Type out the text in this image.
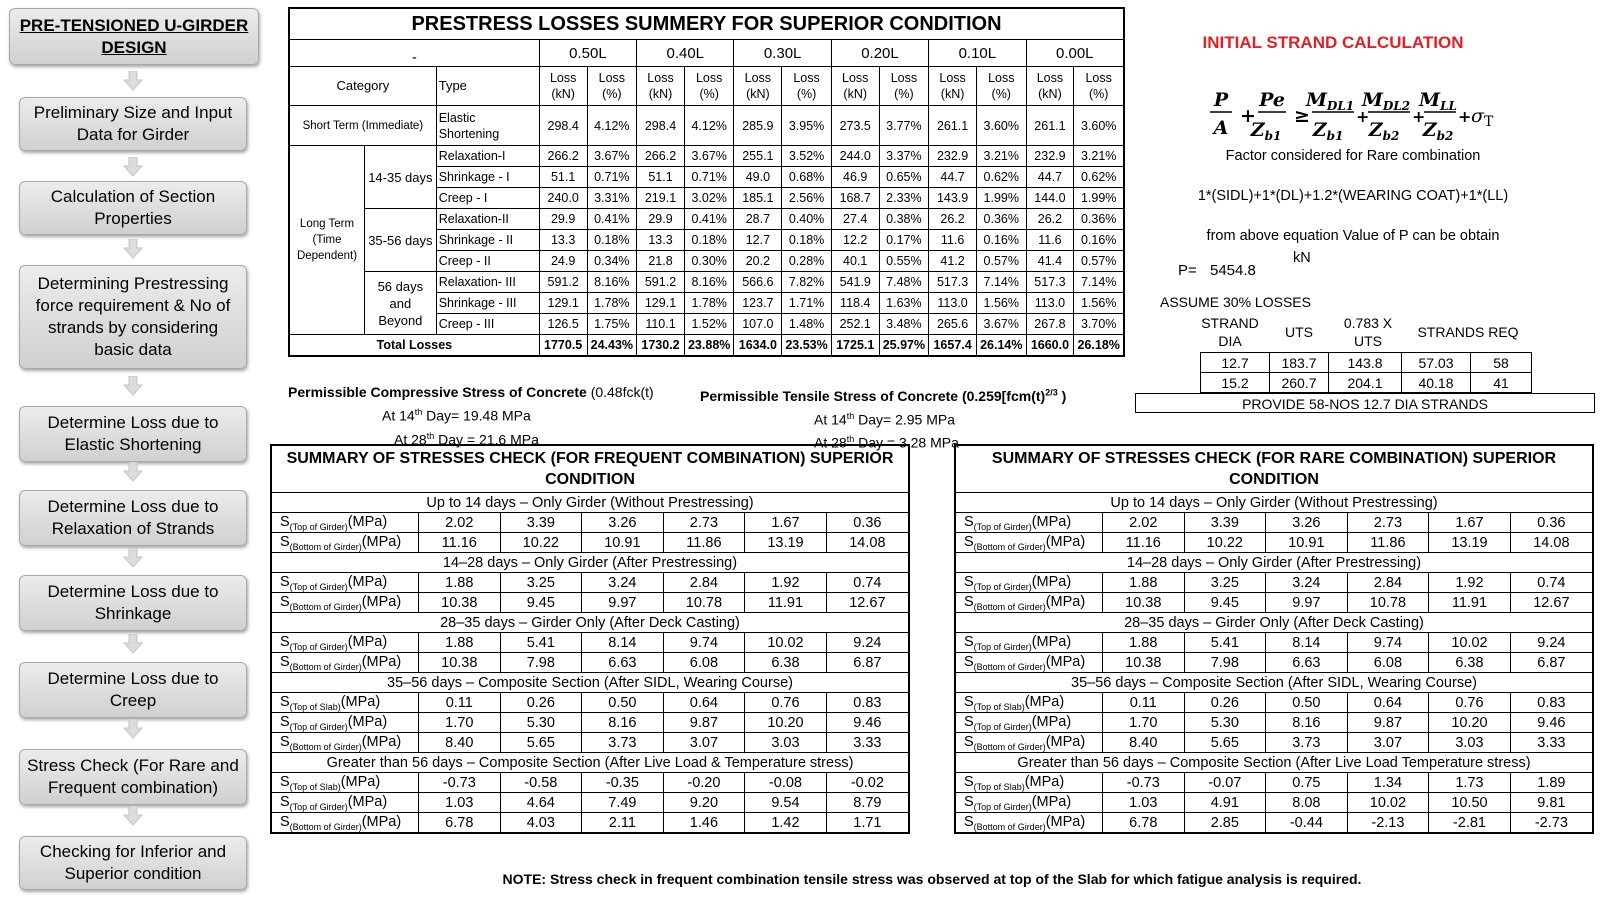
PRE-TENSIONED U-GIRDER DESIGN
Preliminary Size and Input Data for Girder
Calculation of Section Properties
Determining Prestressing force requirement & No of strands by considering basic data
Determine Loss due to Elastic Shortening
Determine Loss due to Relaxation of Strands
Determine Loss due to Shrinkage
Determine Loss due to Creep
Stress Check (For Rare and Frequent combination)
Checking for Inferior and Superior condition
PRESTRESS LOSSES SUMMERY FOR SUPERIOR CONDITION														
-			0.50L		0.40L		0.30L		0.20L		0.10L		0.00L	
Category		Type	Loss (kN)	Loss (%)	Loss (kN)	Loss (%)	Loss (kN)	Loss (%)	Loss (kN)	Loss (%)	Loss (kN)	Loss (%)	Loss (kN)	Loss (%)
Short Term (Immediate)		Elastic Shortening	298.4	4.12%	298.4	4.12%	285.9	3.95%	273.5	3.77%	261.1	3.60%	261.1	3.60%
Long Term (Time Dependent)	14-35 days	Relaxation-I	266.2	3.67%	266.2	3.67%	255.1	3.52%	244.0	3.37%	232.9	3.21%	232.9	3.21%
		Shrinkage - I	51.1	0.71%	51.1	0.71%	49.0	0.68%	46.9	0.65%	44.7	0.62%	44.7	0.62%
		Creep - I	240.0	3.31%	219.1	3.02%	185.1	2.56%	168.7	2.33%	143.9	1.99%	144.0	1.99%
	35-56 days	Relaxation-II	29.9	0.41%	29.9	0.41%	28.7	0.40%	27.4	0.38%	26.2	0.36%	26.2	0.36%
		Shrinkage - II	13.3	0.18%	13.3	0.18%	12.7	0.18%	12.2	0.17%	11.6	0.16%	11.6	0.16%
		Creep - II	24.9	0.34%	21.8	0.30%	20.2	0.28%	40.1	0.55%	41.2	0.57%	41.4	0.57%
	56 days and Beyond	Relaxation- III	591.2	8.16%	591.2	8.16%	566.6	7.82%	541.9	7.48%	517.3	7.14%	517.3	7.14%
		Shrinkage - III	129.1	1.78%	129.1	1.78%	123.7	1.71%	118.4	1.63%	113.0	1.56%	113.0	1.56%
		Creep - III	126.5	1.75%	110.1	1.52%	107.0	1.48%	252.1	3.48%	265.6	3.67%	267.8	3.70%
Total Losses			1770.5	24.43%	1730.2	23.88%	1634.0	23.53%	1725.1	25.97%	1657.4	26.14%	1660.0	26.18%
INITIAL STRAND CALCULATION
P
A
+
Pe
$Z_{b1}$
≥
$M_{DL1}$
$Z_{b1}$
+
$M_{DL2}$
$Z_{b2}$
+
$M_{LL}$
$Z_{b2}$
+ σ T
Factor considered for Rare combination
1*(SIDL)+1*(DL)+1.2*(WEARING COAT)+1*(LL)
from above equation Value of P can be obtain
kN
P= 5454.8
ASSUME 30% LOSSES
STRAND DIA
UTS
0.783 X UTS
STRANDS REQ
12.7	183.7	143.8	57.03	58
15.2	260.7	204.1	40.18	41
PROVIDE 58-NOS 12.7 DIA STRANDS
Permissible Compressive Stress of Concrete (0.48fck(t)
At 14th Day= 19.48 MPa
At 28th Day = 21.6 MPa
Permissible Tensile Stress of Concrete ($0.259[fcm(t)^{2/3}$ )
At 14th Day= 2.95 MPa
At 28th Day = 3.28 MPa
SUMMARY OF STRESSES CHECK (FOR FREQUENT COMBINATION) SUPERIOR CONDITION						
Up to 14 days – Only Girder (Without Prestressing)						
$S_{(Top of Girder)}(MPa)$	2.02	3.39	3.26	2.73	1.67	0.36
$S_{(Bottom of Girder)}(MPa)$	11.16	10.22	10.91	11.86	13.19	14.08
14–28 days – Only Girder (After Prestressing)						
$S_{(Top of Girder)}(MPa)$	1.88	3.25	3.24	2.84	1.92	0.74
$S_{(Bottom of Girder)}(MPa)$	10.38	9.45	9.97	10.78	11.91	12.67
28–35 days – Girder Only (After Deck Casting)						
$S_{(Top of Girder)}(MPa)$	1.88	5.41	8.14	9.74	10.02	9.24
$S_{(Bottom of Girder)}(MPa)$	10.38	7.98	6.63	6.08	6.38	6.87
35–56 days – Composite Section (After SIDL, Wearing Course)						
$S_{(Top of Slab)}(MPa)$	0.11	0.26	0.50	0.64	0.76	0.83
$S_{(Top of Girder)}(MPa)$	1.70	5.30	8.16	9.87	10.20	9.46
$S_{(Bottom of Girder)}(MPa)$	8.40	5.65	3.73	3.07	3.03	3.33
Greater than 56 days – Composite Section (After Live Load & Temperature stress)						
$S_{(Top of Slab)}(MPa)$	-0.73	-0.58	-0.35	-0.20	-0.08	-0.02
$S_{(Top of Girder)}(MPa)$	1.03	4.64	7.49	9.20	9.54	8.79
$S_{(Bottom of Girder)}(MPa)$	6.78	4.03	2.11	1.46	1.42	1.71
SUMMARY OF STRESSES CHECK (FOR RARE COMBINATION) SUPERIOR CONDITION						
Up to 14 days – Only Girder (Without Prestressing)						
$S_{(Top of Girder)}(MPa)$	2.02	3.39	3.26	2.73	1.67	0.36
$S_{(Bottom of Girder)}(MPa)$	11.16	10.22	10.91	11.86	13.19	14.08
14–28 days – Only Girder (After Prestressing)						
$S_{(Top of Girder)}(MPa)$	1.88	3.25	3.24	2.84	1.92	0.74
$S_{(Bottom of Girder)}(MPa)$	10.38	9.45	9.97	10.78	11.91	12.67
28–35 days – Girder Only (After Deck Casting)						
$S_{(Top of Girder)}(MPa)$	1.88	5.41	8.14	9.74	10.02	9.24
$S_{(Bottom of Girder)}(MPa)$	10.38	7.98	6.63	6.08	6.38	6.87
35–56 days – Composite Section (After SIDL, Wearing Course)						
$S_{(Top of Slab)}(MPa)$	0.11	0.26	0.50	0.64	0.76	0.83
$S_{(Top of Girder)}(MPa)$	1.70	5.30	8.16	9.87	10.20	9.46
$S_{(Bottom of Girder)}(MPa)$	8.40	5.65	3.73	3.07	3.03	3.33
Greater than 56 days – Composite Section (After Live Load Temperature stress)						
$S_{(Top of Slab)}(MPa)$	-0.73	-0.07	0.75	1.34	1.73	1.89
$S_{(Top of Girder)}(MPa)$	1.03	4.91	8.08	10.02	10.50	9.81
$S_{(Bottom of Girder)}(MPa)$	6.78	2.85	-0.44	-2.13	-2.81	-2.73
NOTE: Stress check in frequent combination tensile stress was observed at top of the Slab for which fatigue analysis is required.
